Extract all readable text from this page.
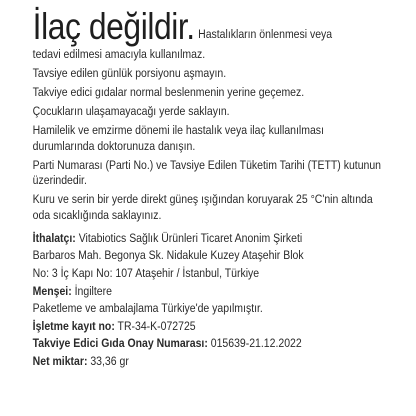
İlaç değildir. Hastalıkların önlenmesi veya

tedavi edilmesi amacıyla kullanılmaz.

Tavsiye edilen günlük porsiyonu aşmayın.

Takviye edici gıdalar normal beslenmenin yerine geçemez.

Çocukların ulaşamayacağı yerde saklayın.

Hamilelik ve emzirme dönemi ile hastalık veya ilaç kullanılması

durumlarında doktorunuza danışın.

Parti Numarası (Parti No.) ve Tavsiye Edilen Tüketim Tarihi (TETT) kutunun

üzerindedir.

Kuru ve serin bir yerde direkt güneş ışığından koruyarak 25 °C'nin altında

oda sıcaklığında saklayınız.

İthalatçı: Vitabiotics Sağlık Ürünleri Ticaret Anonim Şirketi

Barbaros Mah. Begonya Sk. Nidakule Kuzey Ataşehir Blok

No: 3 İç Kapı No: 107 Ataşehir / İstanbul, Türkiye

Menşei: İngiltere

Paketleme ve ambalajlama Türkiye'de yapılmıştır.

İşletme kayıt no: TR-34-K-072725

Takviye Edici Gıda Onay Numarası: 015639-21.12.2022

Net miktar: 33,36 gr
